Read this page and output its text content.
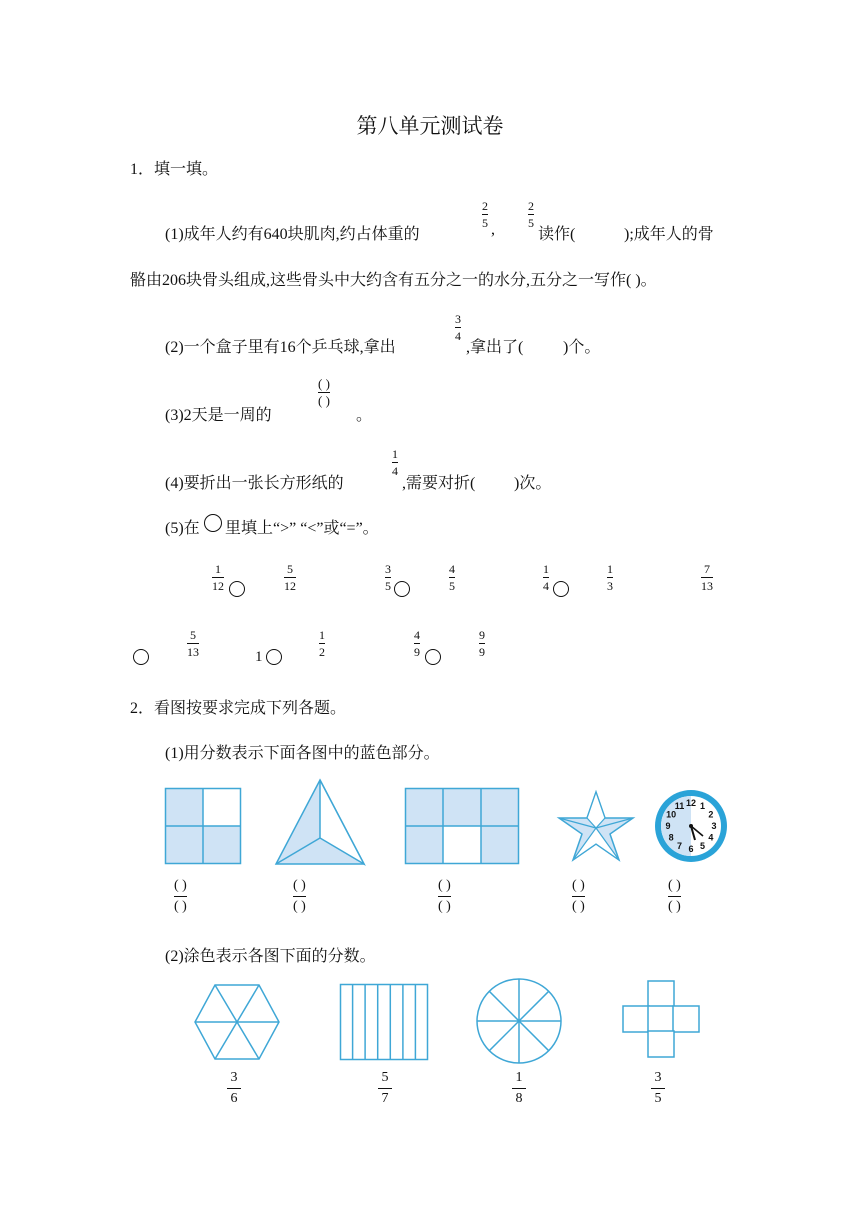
第八单元测试卷
1．填一填。
(1)成年人约有640块肌肉,约占体重的
2
5 ,
2
5
读作(	);成年人的骨
骼由206块骨头组成,这些骨头中大约含有五分之一的水分,五分之一写作( )。
(2)一个盒子里有16个乒乓球,拿出
3
4
,拿出了( )个。
(3)2天是一周的
( )
( )
。
(4)要折出一张长方形纸的
1
4
,需要对折( )次。
(5)在 里填上“>” “<”或“=”。
1
12
5
12
3
5
4
5
1
4
1
3
7
13
5
13	1
1
2
4
9
9
9
2．看图按要求完成下列各题。
(1)用分数表示下面各图中的蓝色部分。
12 1
2
3
4
5
6
7
8
9
10
11
( )
( )
( )
( )
( )
( )
( )
( )
( )
( )
(2)涂色表示各图下面的分数。
3
6
5
7
1
8
3
5
